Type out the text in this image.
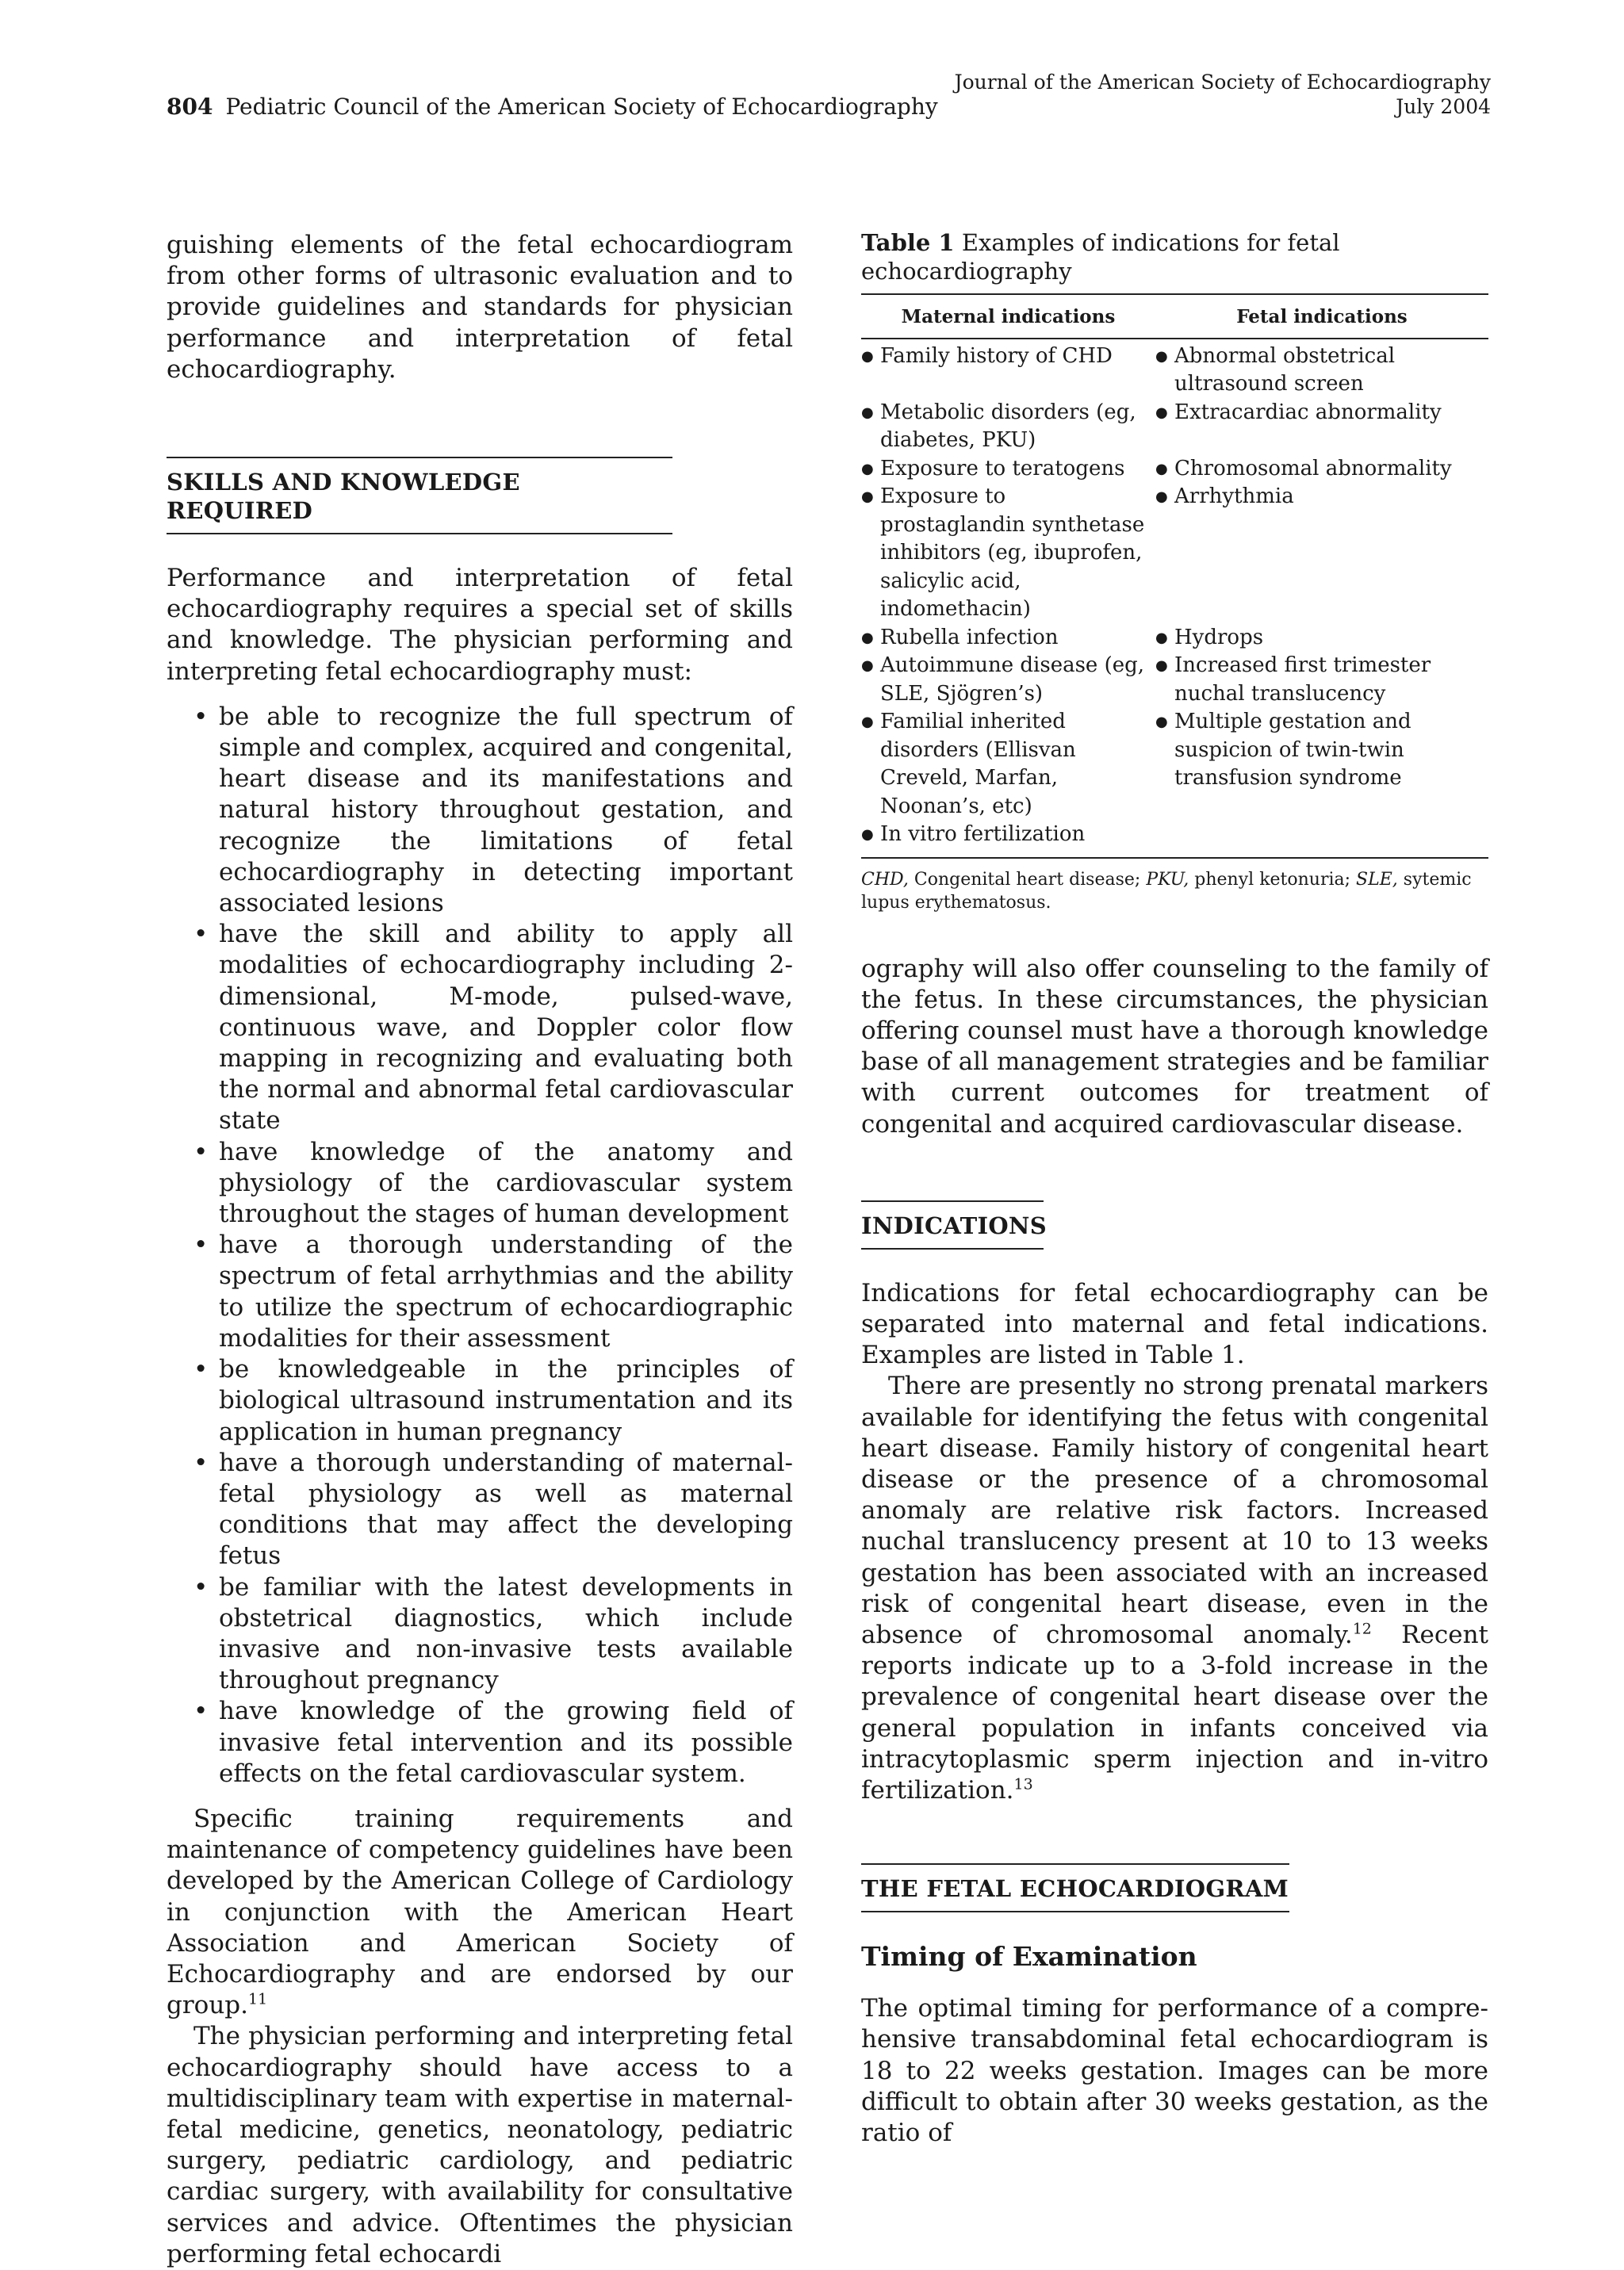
804 Pediatric Council of the American Society of Echocardiography
Journal of the American Society of Echocardiography
July 2004

guishing elements of the fetal echocardiogram from other forms of ultrasonic evaluation and to provide guidelines and standards for physician performance and interpretation of fetal echocardiography.

SKILLS AND KNOWLEDGE REQUIRED

Performance and interpretation of fetal echocardiography requires a special set of skills and knowledge. The physician performing and interpreting fetal echocardiography must:

• be able to recognize the full spectrum of simple and complex, acquired and congenital, heart disease and its manifestations and natural history throughout gestation, and recognize the limitations of fetal echocardiography in detecting important associated lesions
• have the skill and ability to apply all modalities of echocardiography including 2-dimensional, M-mode, pulsed-wave, continuous wave, and Doppler color flow mapping in recognizing and evaluating both the normal and abnormal fetal cardiovascular state
• have knowledge of the anatomy and physiology of the cardiovascular system throughout the stages of human development
• have a thorough understanding of the spectrum of fetal arrhythmias and the ability to utilize the spectrum of echocardiographic modalities for their assessment
• be knowledgeable in the principles of biological ultrasound instrumentation and its application in human pregnancy
• have a thorough understanding of maternal-fetal physiology as well as maternal conditions that may affect the developing fetus
• be familiar with the latest developments in obstetrical diagnostics, which include invasive and non-invasive tests available throughout pregnancy
• have knowledge of the growing field of invasive fetal intervention and its possible effects on the fetal cardiovascular system.

Specific training requirements and maintenance of competency guidelines have been developed by the American College of Cardiology in conjunction with the American Heart Association and American Society of Echocardiography and are endorsed by our group.$^{11}$

The physician performing and interpreting fetal echocardiography should have access to a multidisciplinary team with expertise in maternal-fetal medicine, genetics, neonatology, pediatric surgery, pediatric cardiology, and pediatric cardiac surgery, with availability for consultative services and advice. Oftentimes the physician performing fetal echocardi

Table 1 Examples of indications for fetal echocardiography
Maternal indications	Fetal indications

● Family history of CHD	● Abnormal obstetrical ultrasound screen

● Metabolic disorders (eg, diabetes, PKU)	● Extracardiac abnormality

● Exposure to teratogens	● Chromosomal abnormality

● Exposure to prostaglandin synthetase inhibitors (eg, ibuprofen, salicylic acid, indomethacin)	● Arrhythmia

● Rubella infection	● Hydrops

● Autoimmune disease (eg, SLE, Sjögren’s)	● Increased first trimester nuchal translucency

● Familial inherited disorders (Ellisvan Creveld, Marfan, Noonan’s, etc)	● Multiple gestation and suspicion of twin-twin transfusion syndrome

● In vitro fertilization

CHD, Congenital heart disease; PKU, phenyl ketonuria; SLE, sytemic lupus erythematosus.

ography will also offer counseling to the family of the fetus. In these circumstances, the physician offering counsel must have a thorough knowledge base of all management strategies and be familiar with current outcomes for treatment of congenital and acquired cardiovascular disease.

INDICATIONS

Indications for fetal echocardiography can be separated into maternal and fetal indications. Examples are listed in Table 1.

There are presently no strong prenatal markers available for identifying the fetus with congenital heart disease. Family history of congenital heart disease or the presence of a chromosomal anomaly are relative risk factors. Increased nuchal translucency present at 10 to 13 weeks gestation has been associated with an increased risk of congenital heart disease, even in the absence of chromosomal anomaly.$^{12}$ Recent reports indicate up to a 3-fold increase in the prevalence of congenital heart disease over the general population in infants conceived via intracytoplasmic sperm injection and in-vitro fertilization.$^{13}$

THE FETAL ECHOCARDIOGRAM
Timing of Examination

The optimal timing for performance of a comprehensive transabdominal fetal echocardiogram is 18 to 22 weeks gestation. Images can be more difficult to obtain after 30 weeks gestation, as the ratio of
